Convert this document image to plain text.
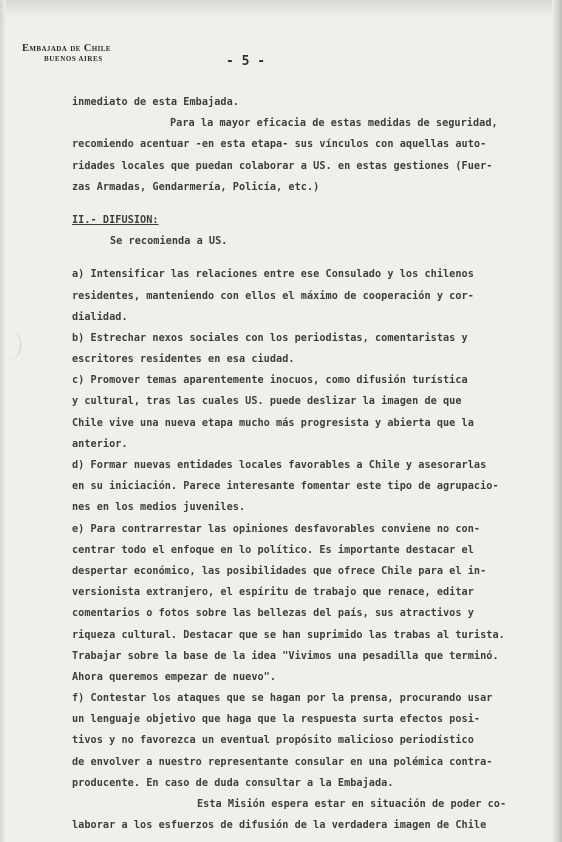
Embajada de Chile
BUENOS AIRES	- 5 -
inmediato de esta Embajada.
Para la mayor eficacia de estas medidas de seguridad,
recomiendo acentuar -en esta etapa- sus vínculos con aquellas auto-
ridades locales que puedan colaborar a US. en estas gestiones (Fuer-
zas Armadas, Gendarmería, Policía, etc.)
II.- DIFUSION:
Se recomienda a US.
a) Intensificar las relaciones entre ese Consulado y los chilenos
residentes, manteniendo con ellos el máximo de cooperación y cor-
dialidad.
b) Estrechar nexos sociales con los periodistas, comentaristas y
escritores residentes en esa ciudad.
c) Promover temas aparentemente inocuos, como difusión turística
y cultural, tras las cuales US. puede deslizar la imagen de que
Chile vive una nueva etapa mucho más progresista y abierta que la
anterior.
d) Formar nuevas entidades locales favorables a Chile y asesorarlas
en su iniciación. Parece interesante fomentar este tipo de agrupacio-
nes en los medios juveniles.
e) Para contrarrestar las opiniones desfavorables conviene no con-
centrar todo el enfoque en lo político. Es importante destacar el
despertar económico, las posibilidades que ofrece Chile para el in-
versionista extranjero, el espíritu de trabajo que renace, editar
comentarios o fotos sobre las bellezas del país, sus atractivos y
riqueza cultural. Destacar que se han suprimido las trabas al turista.
Trabajar sobre la base de la idea "Vivimos una pesadilla que terminó.
Ahora queremos empezar de nuevo".
f) Contestar los ataques que se hagan por la prensa, procurando usar
un lenguaje objetivo que haga que la respuesta surta efectos posi-
tivos y no favorezca un eventual propósito malicioso periodístico
de envolver a nuestro representante consular en una polémica contra-
producente. En caso de duda consultar a la Embajada.
Esta Misión espera estar en situación de poder co-
laborar a los esfuerzos de difusión de la verdadera imagen de Chile
